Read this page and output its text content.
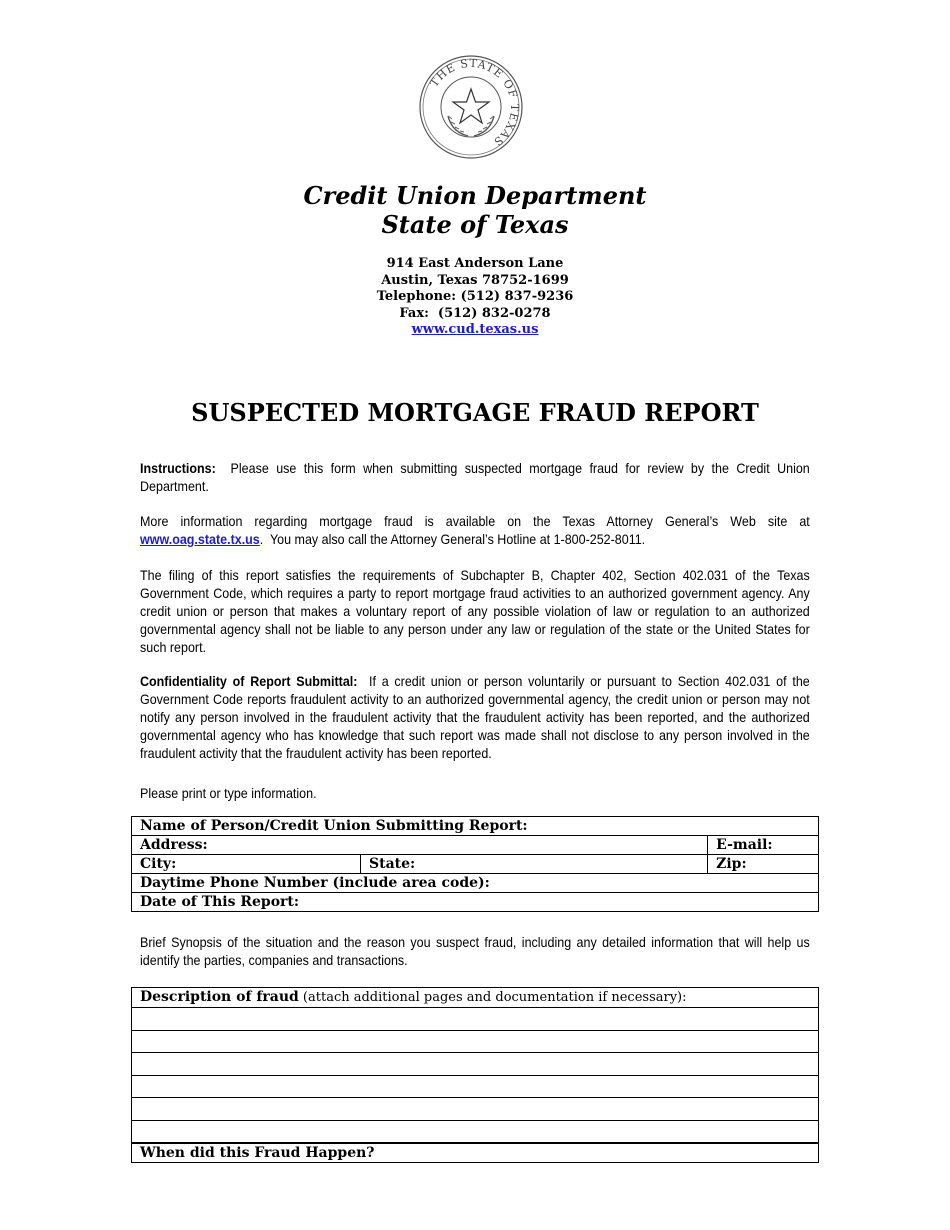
THE STATE OF TEXAS
Credit Union Department
State of Texas
914 East Anderson Lane
Austin, Texas 78752-1699
Telephone: (512) 837-9236
Fax:  (512) 832-0278
www.cud.texas.us
SUSPECTED MORTGAGE FRAUD REPORT
Instructions:  Please use this form when submitting suspected mortgage fraud for review by the Credit Union Department.
More information regarding mortgage fraud is available on the Texas Attorney General’s Web site at www.oag.state.tx.us.  You may also call the Attorney General’s Hotline at 1-800-252-8011.
The filing of this report satisfies the requirements of Subchapter B, Chapter 402, Section 402.031 of the Texas Government Code, which requires a party to report mortgage fraud activities to an authorized government agency. Any credit union or person that makes a voluntary report of any possible violation of law or regulation to an authorized governmental agency shall not be liable to any person under any law or regulation of the state or the United States for such report.
Confidentiality of Report Submittal:  If a credit union or person voluntarily or pursuant to Section 402.031 of the Government Code reports fraudulent activity to an authorized governmental agency, the credit union or person may not notify any person involved in the fraudulent activity that the fraudulent activity has been reported, and the authorized governmental agency who has knowledge that such report was made shall not disclose to any person involved in the fraudulent activity that the fraudulent activity has been reported.
Please print or type information.
Name of Person/Credit Union Submitting Report:		
Address:		E-mail:
City:	State:	Zip:
Daytime Phone Number (include area code):		
Date of This Report:		
Brief Synopsis of the situation and the reason you suspect fraud, including any detailed information that will help us identify the parties, companies and transactions.
Description of fraud (attach additional pages and documentation if necessary):

When did this Fraud Happen?
